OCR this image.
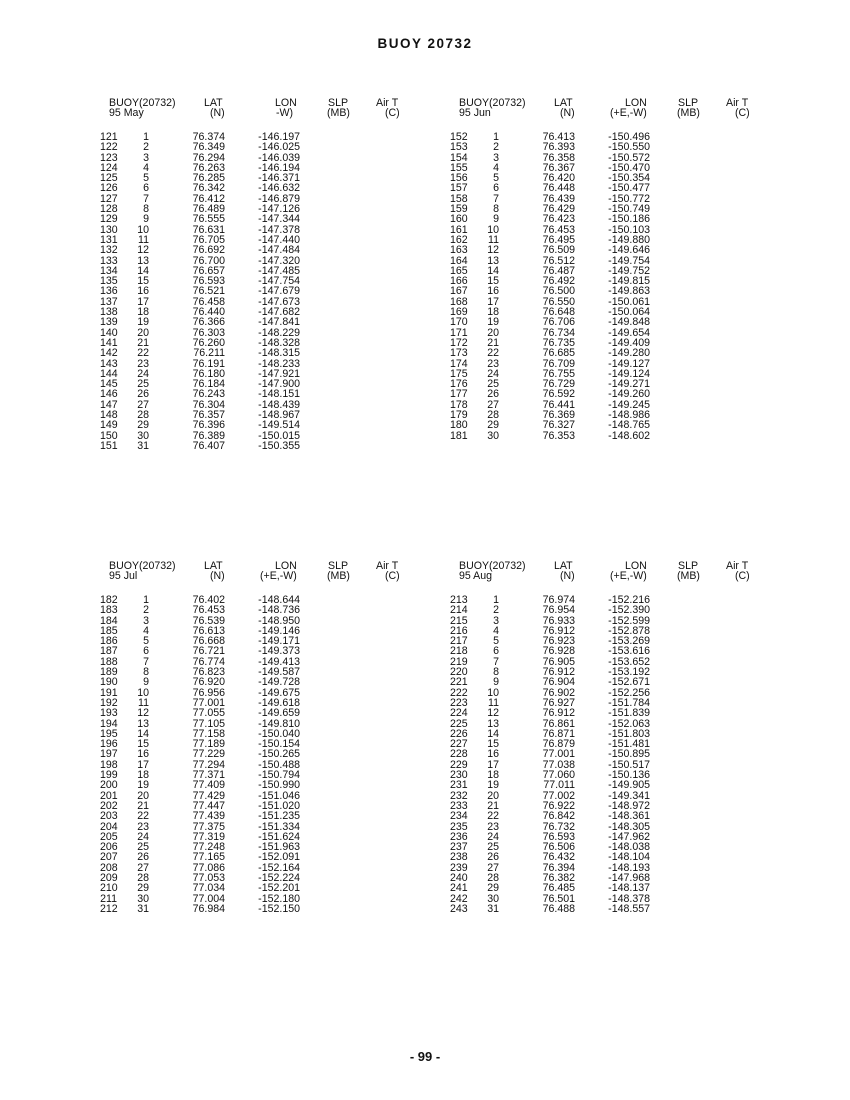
BUOY 20732
BUOY(20732)	LAT	LON	SLP	Air T
95 May	(N)	-W)	(MB)	(C)
121	1	76.374	-146.197
122	2	76.349	-146.025
123	3	76.294	-146.039
124	4	76.263	-146.194
125	5	76.285	-146.371
126	6	76.342	-146.632
127	7	76.412	-146.879
128	8	76.489	-147.126
129	9	76.555	-147.344
130	10	76.631	-147.378
131	11	76.705	-147.440
132	12	76.692	-147.484
133	13	76.700	-147.320
134	14	76.657	-147.485
135	15	76.593	-147.754
136	16	76.521	-147.679
137	17	76.458	-147.673
138	18	76.440	-147.682
139	19	76.366	-147.841
140	20	76.303	-148.229
141	21	76.260	-148.328
142	22	76.211	-148.315
143	23	76.191	-148.233
144	24	76.180	-147.921
145	25	76.184	-147.900
146	26	76.243	-148.151
147	27	76.304	-148.439
148	28	76.357	-148.967
149	29	76.396	-149.514
150	30	76.389	-150.015
151	31	76.407	-150.355
BUOY(20732)	LAT	LON	SLP	Air T
95 Jun	(N)	(+E,-W)	(MB)	(C)
152	1	76.413	-150.496
153	2	76.393	-150.550
154	3	76.358	-150.572
155	4	76.367	-150.470
156	5	76.420	-150.354
157	6	76.448	-150.477
158	7	76.439	-150.772
159	8	76.429	-150.749
160	9	76.423	-150.186
161	10	76.453	-150.103
162	11	76.495	-149.880
163	12	76.509	-149.646
164	13	76.512	-149.754
165	14	76.487	-149.752
166	15	76.492	-149.815
167	16	76.500	-149.863
168	17	76.550	-150.061
169	18	76.648	-150.064
170	19	76.706	-149.848
171	20	76.734	-149.654
172	21	76.735	-149.409
173	22	76.685	-149.280
174	23	76.709	-149.127
175	24	76.755	-149.124
176	25	76.729	-149.271
177	26	76.592	-149.260
178	27	76.441	-149.245
179	28	76.369	-148.986
180	29	76.327	-148.765
181	30	76.353	-148.602
BUOY(20732)	LAT	LON	SLP	Air T
95 Jul	(N)	(+E,-W)	(MB)	(C)
182	1	76.402	-148.644
183	2	76.453	-148.736
184	3	76.539	-148.950
185	4	76.613	-149.146
186	5	76.668	-149.171
187	6	76.721	-149.373
188	7	76.774	-149.413
189	8	76.823	-149.587
190	9	76.920	-149.728
191	10	76.956	-149.675
192	11	77.001	-149.618
193	12	77.055	-149.659
194	13	77.105	-149.810
195	14	77.158	-150.040
196	15	77.189	-150.154
197	16	77.229	-150.265
198	17	77.294	-150.488
199	18	77.371	-150.794
200	19	77.409	-150.990
201	20	77.429	-151.046
202	21	77.447	-151.020
203	22	77.439	-151.235
204	23	77.375	-151.334
205	24	77.319	-151.624
206	25	77.248	-151.963
207	26	77.165	-152.091
208	27	77.086	-152.164
209	28	77.053	-152.224
210	29	77.034	-152.201
211	30	77.004	-152.180
212	31	76.984	-152.150
BUOY(20732)	LAT	LON	SLP	Air T
95 Aug	(N)	(+E,-W)	(MB)	(C)
213	1	76.974	-152.216
214	2	76.954	-152.390
215	3	76.933	-152.599
216	4	76.912	-152.878
217	5	76.923	-153.269
218	6	76.928	-153.616
219	7	76.905	-153.652
220	8	76.912	-153.192
221	9	76.904	-152.671
222	10	76.902	-152.256
223	11	76.927	-151.784
224	12	76.912	-151.839
225	13	76.861	-152.063
226	14	76.871	-151.803
227	15	76.879	-151.481
228	16	77.001	-150.895
229	17	77.038	-150.517
230	18	77.060	-150.136
231	19	77.011	-149.905
232	20	77.002	-149.341
233	21	76.922	-148.972
234	22	76.842	-148.361
235	23	76.732	-148.305
236	24	76.593	-147.962
237	25	76.506	-148.038
238	26	76.432	-148.104
239	27	76.394	-148.193
240	28	76.382	-147.968
241	29	76.485	-148.137
242	30	76.501	-148.378
243	31	76.488	-148.557
- 99 -
